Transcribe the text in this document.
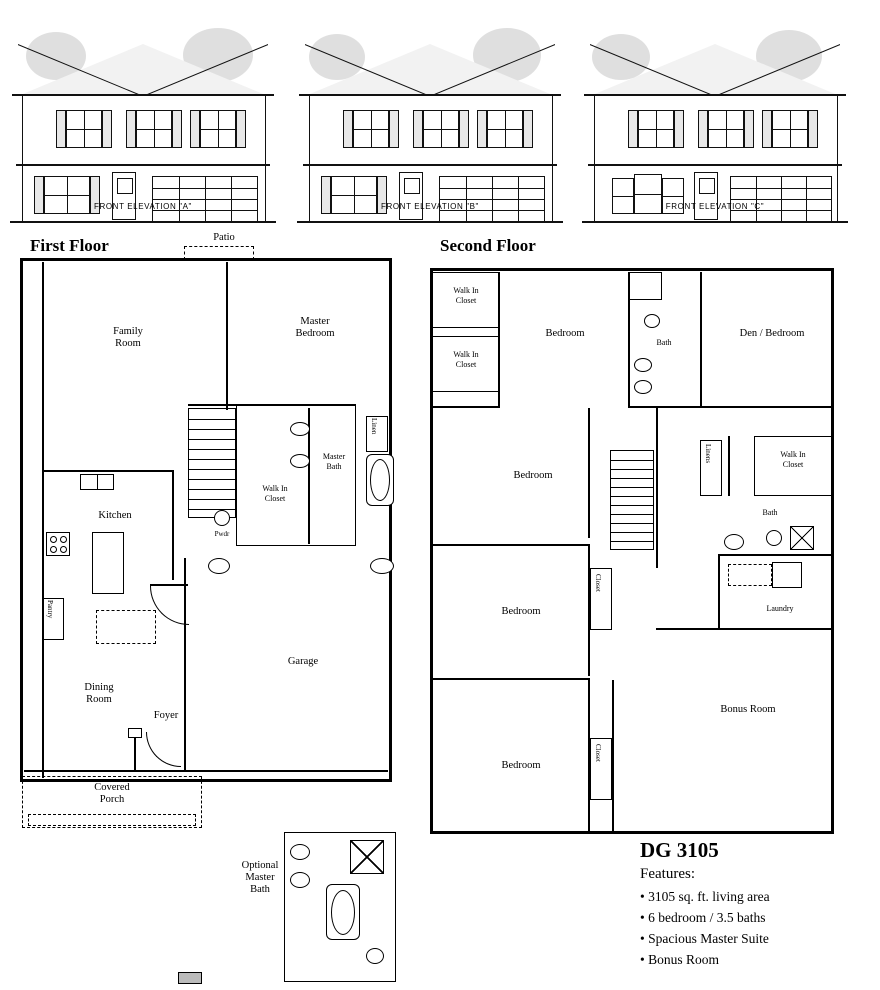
FRONT ELEVATION "A"	FRONT ELEVATION "B"	FRONT ELEVATION "C"
First Floor	Patio
Family
Room
Master
Bedroom
Walk In
Closet
Master
Bath
Linen
Pwdr
Kitchen
Pantry
Garage
Dining
Room
Foyer
Covered
Porch
Second Floor
Walk In
Closet
Walk In
Closet
Bedroom
Bath
Den / Bedroom
Bedroom
Linens	Walk In
Closet
Bath
Laundry
Bedroom
Closet
Bonus Room
Bedroom
Closet
Optional
Master
Bath
DG 3105
Features:
• 3105 sq. ft. living area
• 6 bedroom / 3.5 baths
• Spacious Master Suite
• Bonus Room
